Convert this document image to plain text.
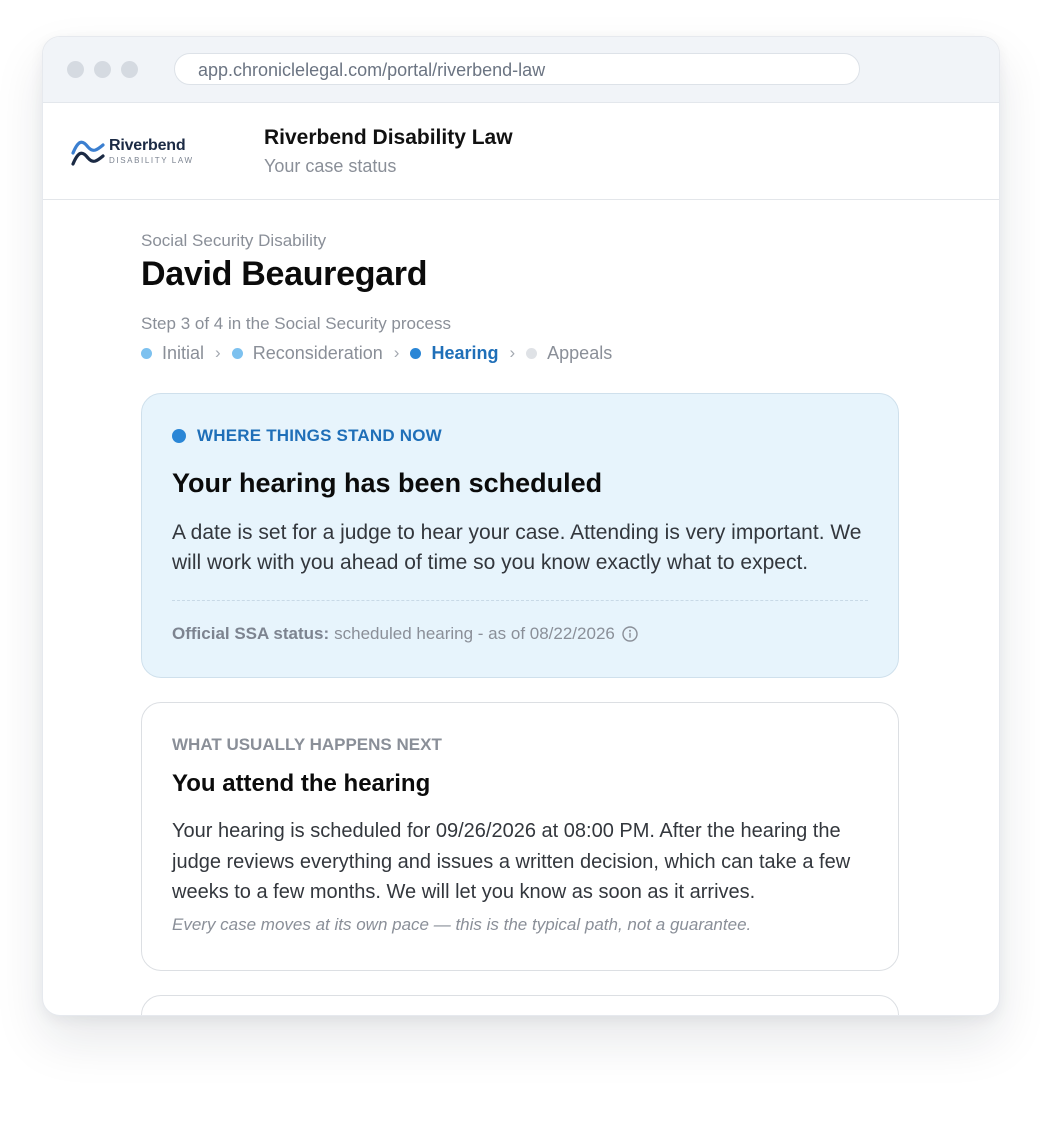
app.chroniclelegal.com/portal/riverbend-law
Riverbend
DISABILITY LAW
Riverbend Disability Law
Your case status
Social Security Disability
David Beauregard
Step 3 of 4 in the Social Security process
Initial › Reconsideration › Hearing › Appeals
WHERE THINGS STAND NOW
Your hearing has been scheduled
A date is set for a judge to hear your case. Attending is very important. We will work with you ahead of time so you know exactly what to expect.
Official SSA status: scheduled hearing - as of 08/22/2026
WHAT USUALLY HAPPENS NEXT
You attend the hearing
Your hearing is scheduled for 09/26/2026 at 08:00 PM. After the hearing the judge reviews everything and issues a written decision, which can take a few weeks to a few months. We will let you know as soon as it arrives.
Every case moves at its own pace — this is the typical path, not a guarantee.
